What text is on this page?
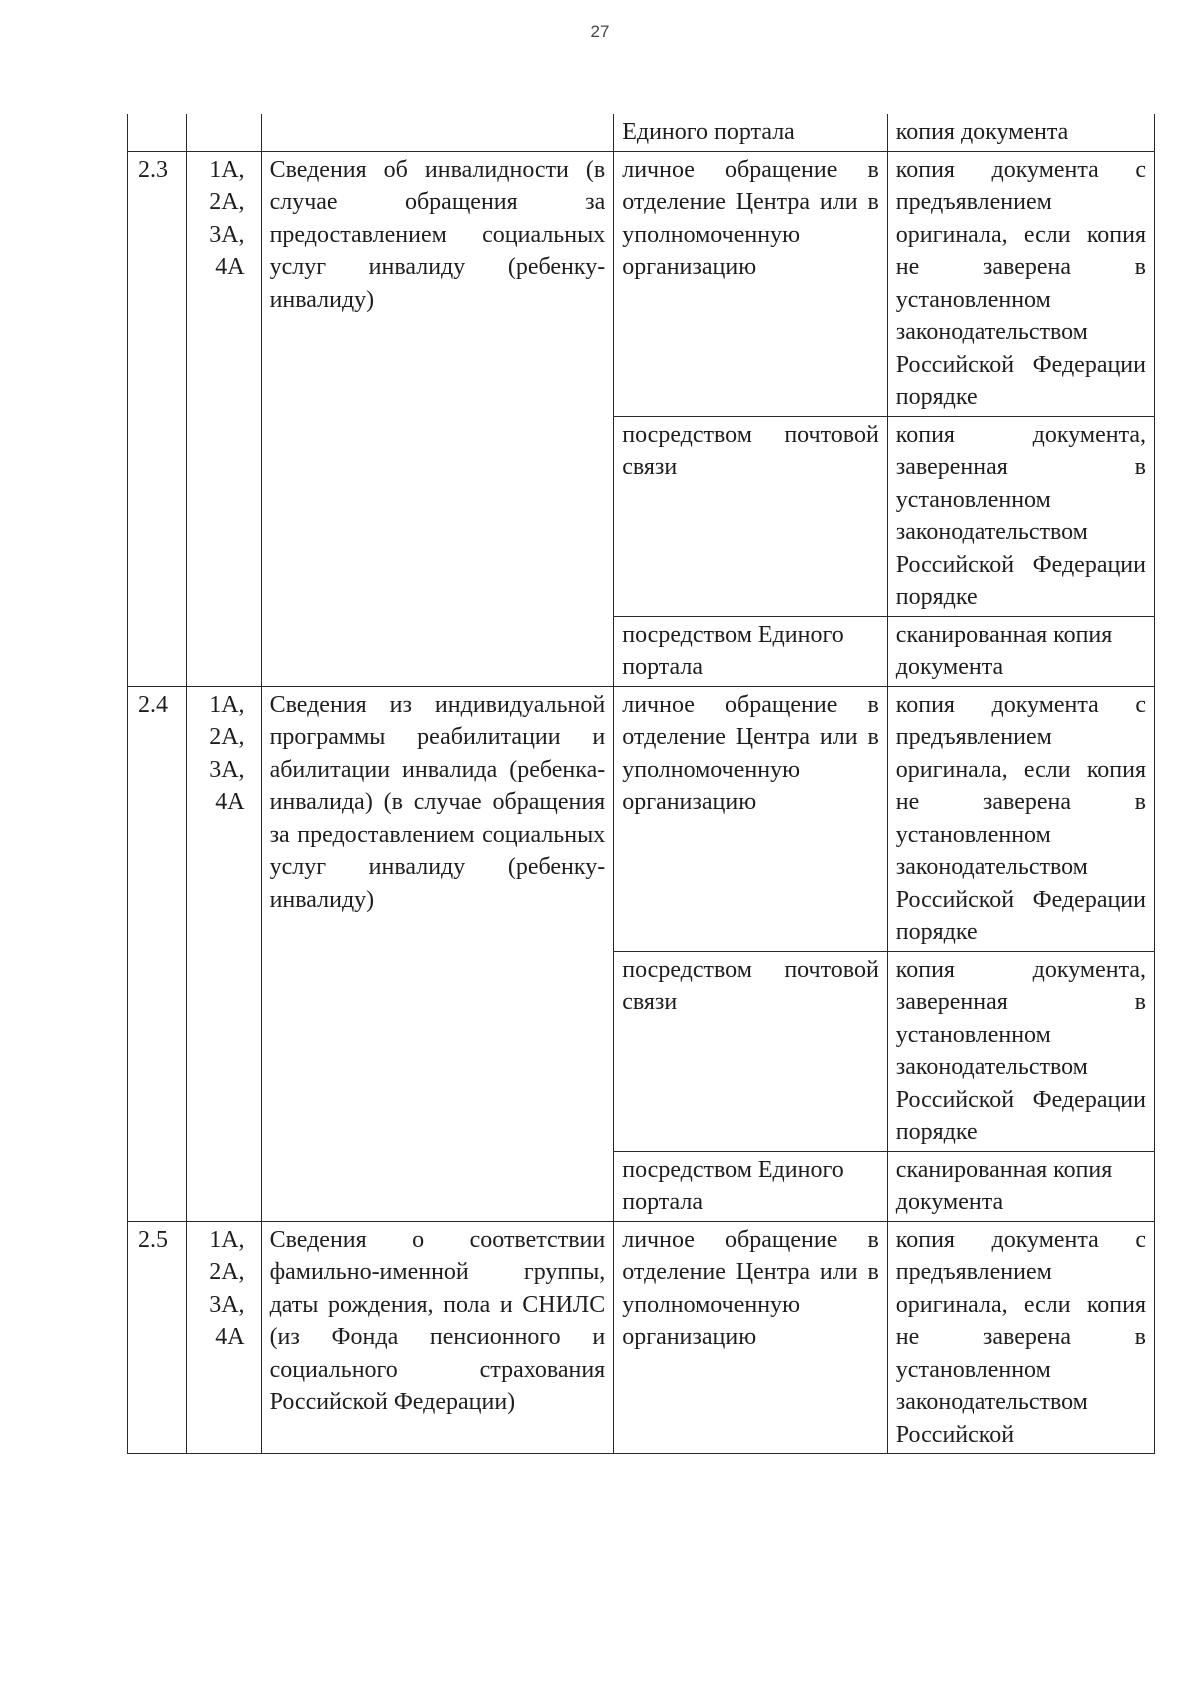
27
			Единого портала	копия документа
2.3	1А,
2А,
3А,
4А	Сведения об инвалидности (в случае обращения за предоставлением социальных услуг инвалиду (ребенку-инвалиду)	личное обращение в отделение Центра или в уполномоченную организацию	копия документа с предъявлением оригинала, если копия не заверена в установленном законодательством Российской Федерации порядке
			посредством почтовой связи	копия документа, заверенная в установленном законодательством Российской Федерации порядке
			посредством Единого портала	сканированная копия документа
2.4	1А,
2А,
3А,
4А	Сведения из индивидуальной программы реабилитации и абилитации инвалида (ребенка-инвалида) (в случае обращения за предоставлением социальных услуг инвалиду (ребенку-инвалиду)	личное обращение в отделение Центра или в уполномоченную организацию	копия документа с предъявлением оригинала, если копия не заверена в установленном законодательством Российской Федерации порядке
			посредством почтовой связи	копия документа, заверенная в установленном законодательством Российской Федерации порядке
			посредством Единого портала	сканированная копия документа
2.5	1А,
2А,
3А,
4А	Сведения о соответствии фамильно-именной группы, даты рождения, пола и СНИЛС (из Фонда пенсионного и социального страхования Российской Федерации)	личное обращение в отделение Центра или в уполномоченную организацию	копия документа с предъявлением оригинала, если копия не заверена в установленном законодательством Российской
